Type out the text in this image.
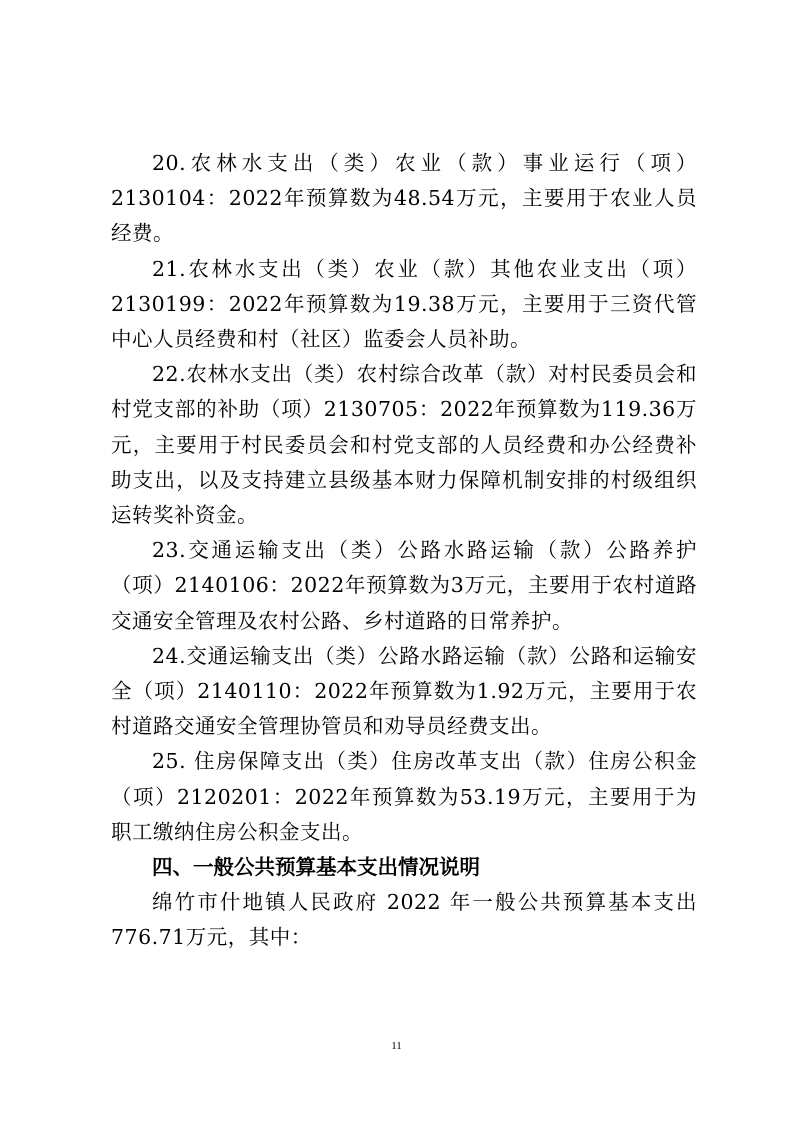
20.农林水支出（类）农业（款）事业运行（项）2130104：2022年预算数为48.54万元，主要用于农业人员经费。

21.农林水支出（类）农业（款）其他农业支出（项）2130199：2022年预算数为19.38万元，主要用于三资代管中心人员经费和村（社区）监委会人员补助。

22.农林水支出（类）农村综合改革（款）对村民委员会和村党支部的补助（项）2130705：2022年预算数为119.36万元，主要用于村民委员会和村党支部的人员经费和办公经费补助支出，以及支持建立县级基本财力保障机制安排的村级组织运转奖补资金。

23.交通运输支出（类）公路水路运输（款）公路养护（项）2140106：2022年预算数为3万元，主要用于农村道路交通安全管理及农村公路、乡村道路的日常养护。

24.交通运输支出（类）公路水路运输（款）公路和运输安全（项）2140110：2022年预算数为1.92万元，主要用于农村道路交通安全管理协管员和劝导员经费支出。

25. 住房保障支出（类）住房改革支出（款）住房公积金（项）2120201：2022年预算数为53.19万元，主要用于为职工缴纳住房公积金支出。

四、一般公共预算基本支出情况说明

绵竹市什地镇人民政府 2022 年一般公共预算基本支出776.71万元，其中：

11
